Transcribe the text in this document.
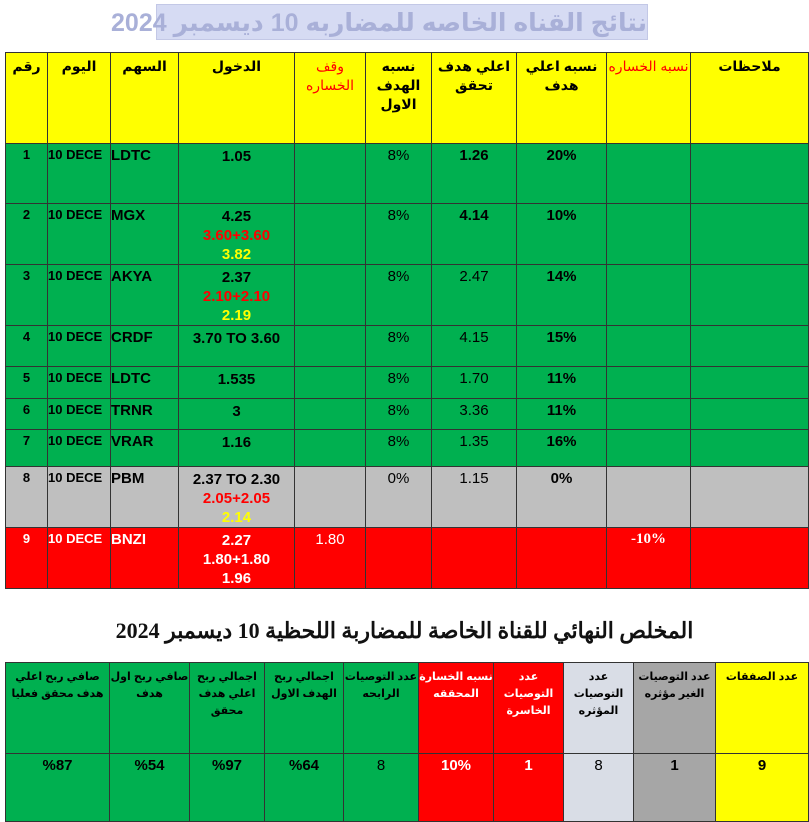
نتائج القناه الخاصه للمضاربه 10 ديسمبر 2024
رقم	اليوم	السهم	الدخول	وقف الخساره	نسبه الهدف الاول	اعلي هدف تحقق	نسبه اعلي هدف	نسبه الخساره	ملاحظات
1	10 DECE	LDTC	1.05		8%	1.26	20%		
2	10 DECE	MGX	4.25
3.60+3.60
3.82		8%	4.14	10%		
3	10 DECE	AKYA	2.37
2.10+2.10
2.19		8%	2.47	14%		
4	10 DECE	CRDF	3.70 TO 3.60		8%	4.15	15%		
5	10 DECE	LDTC	1.535		8%	1.70	11%		
6	10 DECE	TRNR	3		8%	3.36	11%		
7	10 DECE	VRAR	1.16		8%	1.35	16%		
8	10 DECE	PBM	2.37 TO 2.30
2.05+2.05
2.14		0%	1.15	0%		
9	10 DECE	BNZI	2.27
1.80+1.80
1.96	1.80				-10%	
المخلص النهائي للقناة الخاصة للمضاربة اللحظية 10 ديسمبر 2024
صافي ربح اعلي هدف محقق فعليا	صافي ربح اول هدف	اجمالي ربح اعلي هدف محقق	اجمالي ربح الهدف الاول	عدد التوصيات الرابحه	نسبه الخسارة المحققه	عدد التوصيات الخاسرة	عدد التوصيات المؤثره	عدد التوصيات الغير مؤثره	عدد الصفقات
%87	%54	%97	%64	8	10%	1	8	1	9
